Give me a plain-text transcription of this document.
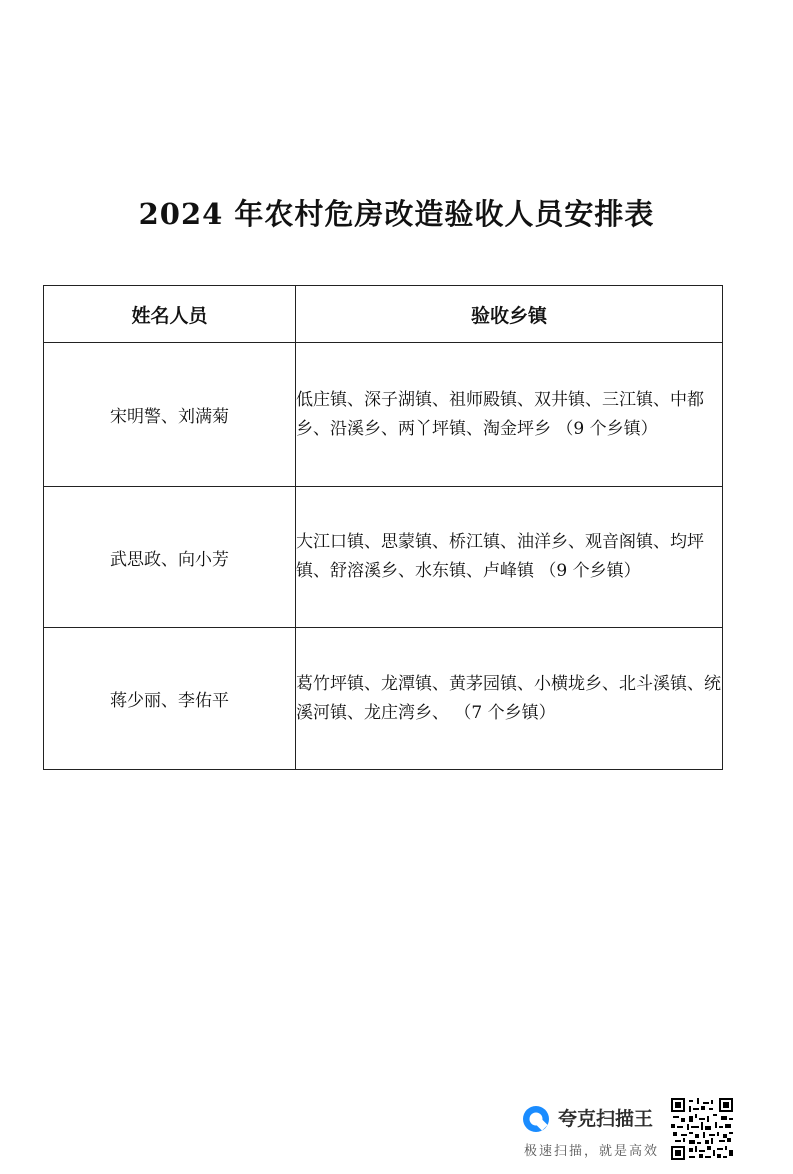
2024 年农村危房改造验收人员安排表
姓名人员	验收乡镇
宋明警、刘满菊	低庄镇、深子湖镇、祖师殿镇、双井镇、三江镇、中都乡、沿溪乡、两丫坪镇、淘金坪乡 （9 个乡镇）
武思政、向小芳	大江口镇、思蒙镇、桥江镇、油洋乡、观音阁镇、均坪镇、舒溶溪乡、水东镇、卢峰镇 （9 个乡镇）
蒋少丽、李佑平	葛竹坪镇、龙潭镇、黄茅园镇、小横垅乡、北斗溪镇、统溪河镇、龙庄湾乡、 （7 个乡镇）
夸克扫描王
极速扫描，就是高效
